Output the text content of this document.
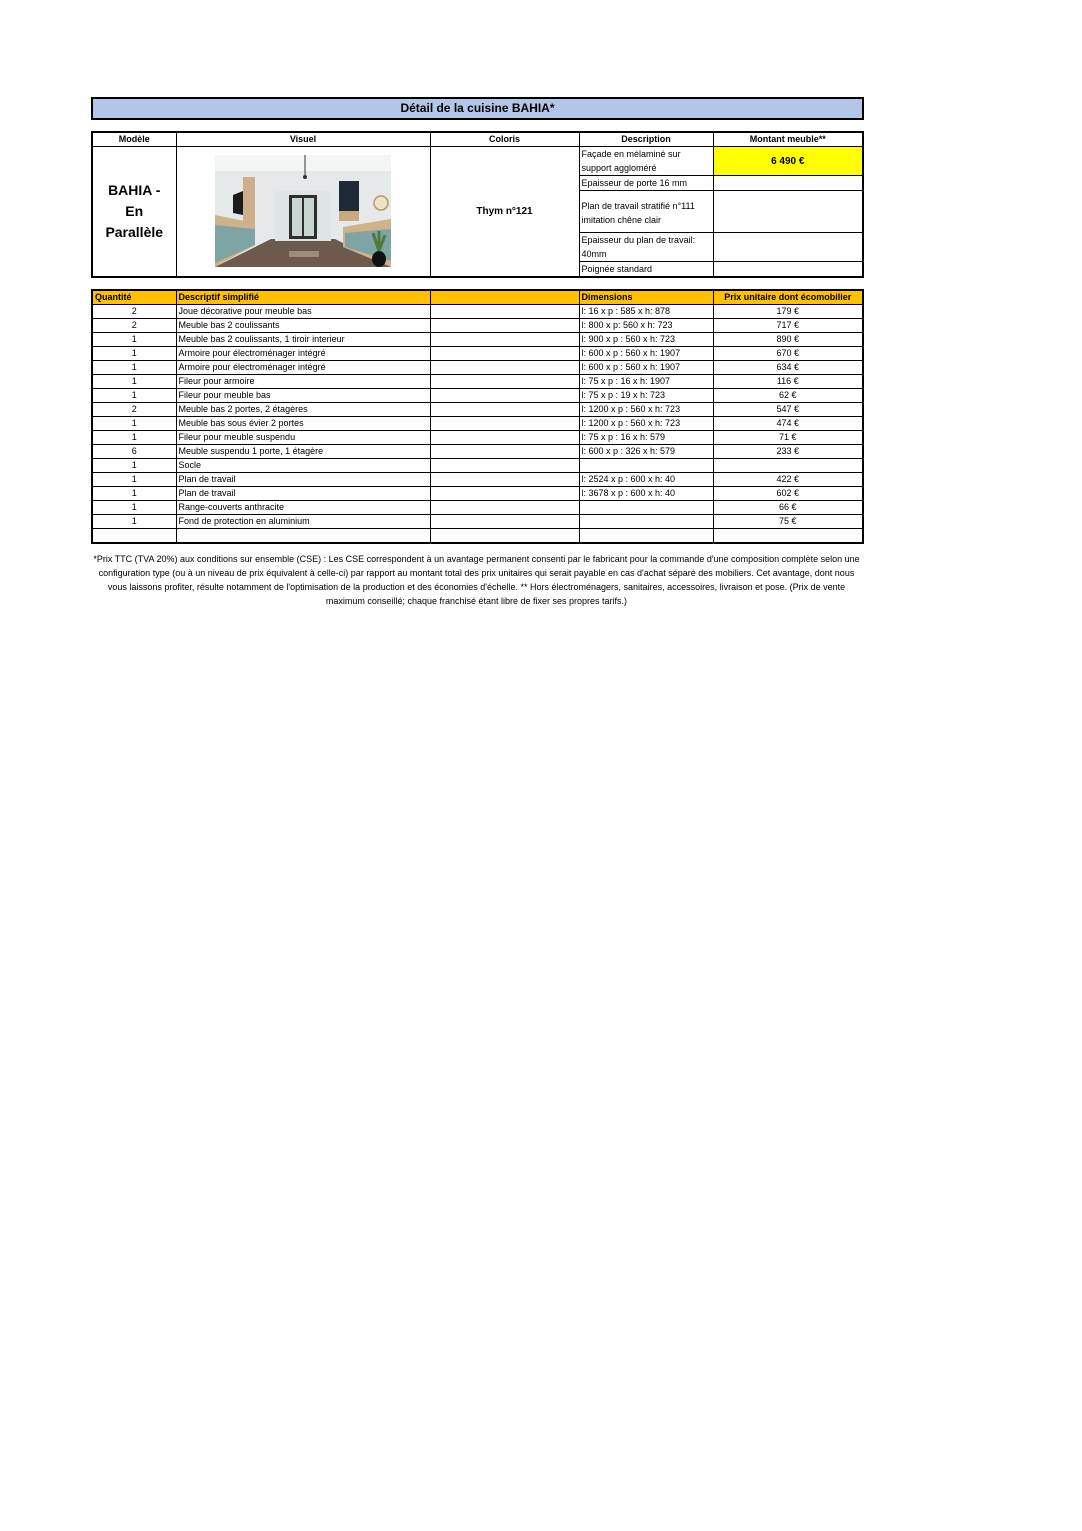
Détail de la cuisine BAHIA*
Modèle	Visuel	Coloris	Description	Montant meuble**
BAHIA -
En Parallèle		Thym n°121	Façade en mélaminé sur support aggloméré	6 490 €
			Epaisseur de porte 16 mm	
			Plan de travail stratifié n°111 imitation chêne clair	
			Epaisseur du plan de travail: 40mm	
			Poignée standard	
Quantité	Descriptif simplifié		Dimensions	Prix unitaire dont écomobilier
2	Joue décorative pour meuble bas		l: 16 x p : 585 x h: 878	179 €
2	Meuble bas 2 coulissants		l: 800 x p: 560 x h: 723	717 €
1	Meuble bas 2 coulissants, 1 tiroir interieur		l: 900 x p : 560 x h: 723	890 €
1	Armoire pour électroménager intégré		l: 600 x p : 560 x h: 1907	670 €
1	Armoire pour électroménager intégré		l: 600 x p : 560 x h: 1907	634 €
1	Fileur pour armoire		l: 75 x p : 16 x h: 1907	116 €
1	Fileur pour meuble bas		l: 75 x p : 19 x h: 723	62 €
2	Meuble bas 2 portes, 2 étagères		l: 1200 x p : 560 x h: 723	547 €
1	Meuble bas sous évier 2 portes		l: 1200 x p : 560 x h: 723	474 €
1	Fileur pour meuble suspendu		l: 75 x p : 16 x h: 579	71 €
6	Meuble suspendu 1 porte, 1 étagère		l: 600 x p : 326 x h: 579	233 €
1	Socle			
1	Plan de travail		l: 2524 x p : 600 x h: 40	422 €
1	Plan de travail		l: 3678 x p : 600 x h: 40	602 €
1	Range-couverts anthracite			66 €
1	Fond de protection en aluminium			75 €

*Prix TTC (TVA 20%) aux conditions sur ensemble (CSE) : Les CSE correspondent à un avantage permanent consenti par le fabricant pour la commande d'une composition complète selon une configuration type (ou à un niveau de prix équivalent à celle-ci) par rapport au montant total des prix unitaires qui serait payable en cas d'achat séparé des mobiliers. Cet avantage, dont nous vous laissons profiter, résulte notamment de l'optimisation de la production et des économies d'échelle. ** Hors électroménagers, sanitaires, accessoires, livraison et pose. (Prix de vente maximum conseillé; chaque franchisé étant libre de fixer ses propres tarifs.)
